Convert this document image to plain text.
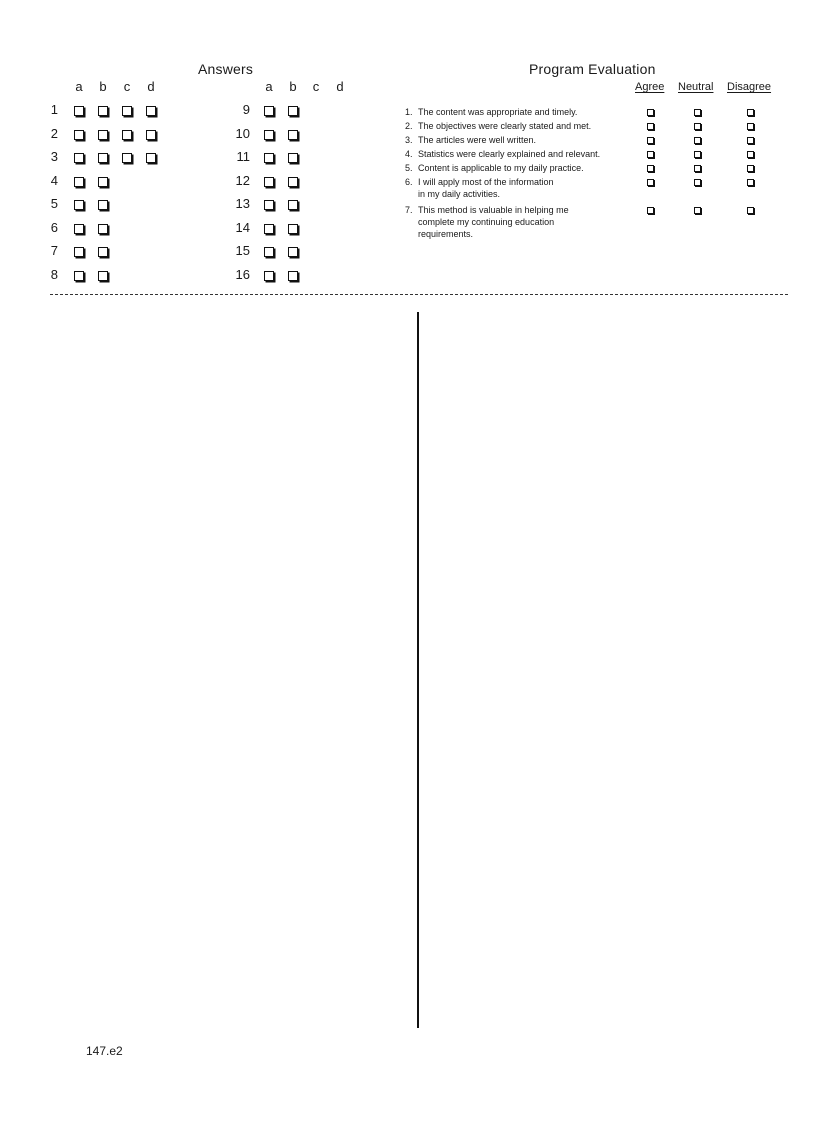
Answers
a b c d	a b c d
1
2
3
4
5
6
7
8
9
10
11
12
13
14
15
16
Program Evaluation
Agree Neutral Disagree
1. The content was appropriate and timely.
2. The objectives were clearly stated and met.
3. The articles were well written.
4. Statistics were clearly explained and relevant.
5. Content is applicable to my daily practice.
6. I will apply most of the information
in my daily activities.
7. This method is valuable in helping me
complete my continuing education
requirements.
147.e2
